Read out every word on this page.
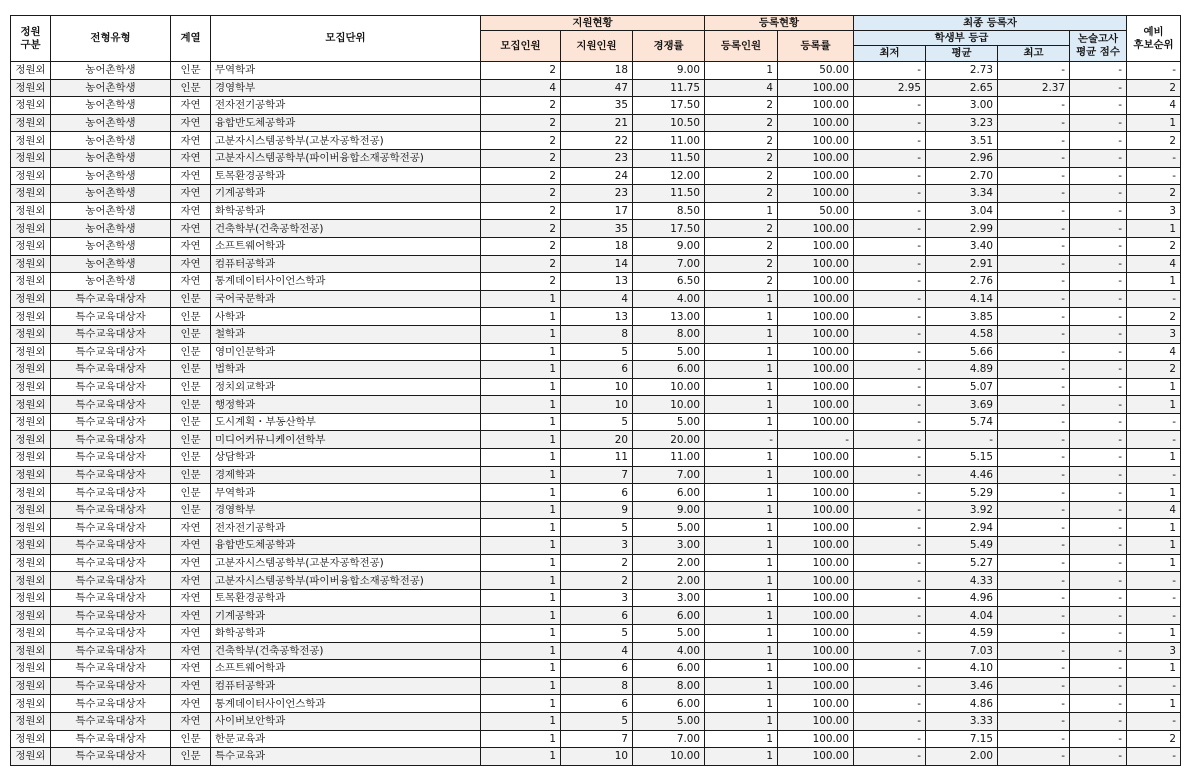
정원
구분	전형유형	계열	모집단위	지원현황			등록현황		최종 등록자				예비
후보순위
				모집인원	지원인원	경쟁률	등록인원	등록률	학생부 등급			논술고사
평균 점수	
									최저	평균	최고		
정원외	농어촌학생	인문	무역학과	2	18	9.00	1	50.00	-	2.73	-	-	-
정원외	농어촌학생	인문	경영학부	4	47	11.75	4	100.00	2.95	2.65	2.37	-	2
정원외	농어촌학생	자연	전자전기공학과	2	35	17.50	2	100.00	-	3.00	-	-	4
정원외	농어촌학생	자연	융합반도체공학과	2	21	10.50	2	100.00	-	3.23	-	-	1
정원외	농어촌학생	자연	고분자시스템공학부(고분자공학전공)	2	22	11.00	2	100.00	-	3.51	-	-	2
정원외	농어촌학생	자연	고분자시스템공학부(파이버융합소재공학전공)	2	23	11.50	2	100.00	-	2.96	-	-	-
정원외	농어촌학생	자연	토목환경공학과	2	24	12.00	2	100.00	-	2.70	-	-	-
정원외	농어촌학생	자연	기계공학과	2	23	11.50	2	100.00	-	3.34	-	-	2
정원외	농어촌학생	자연	화학공학과	2	17	8.50	1	50.00	-	3.04	-	-	3
정원외	농어촌학생	자연	건축학부(건축공학전공)	2	35	17.50	2	100.00	-	2.99	-	-	1
정원외	농어촌학생	자연	소프트웨어학과	2	18	9.00	2	100.00	-	3.40	-	-	2
정원외	농어촌학생	자연	컴퓨터공학과	2	14	7.00	2	100.00	-	2.91	-	-	4
정원외	농어촌학생	자연	통계데이터사이언스학과	2	13	6.50	2	100.00	-	2.76	-	-	1
정원외	특수교육대상자	인문	국어국문학과	1	4	4.00	1	100.00	-	4.14	-	-	-
정원외	특수교육대상자	인문	사학과	1	13	13.00	1	100.00	-	3.85	-	-	2
정원외	특수교육대상자	인문	철학과	1	8	8.00	1	100.00	-	4.58	-	-	3
정원외	특수교육대상자	인문	영미인문학과	1	5	5.00	1	100.00	-	5.66	-	-	4
정원외	특수교육대상자	인문	법학과	1	6	6.00	1	100.00	-	4.89	-	-	2
정원외	특수교육대상자	인문	정치외교학과	1	10	10.00	1	100.00	-	5.07	-	-	1
정원외	특수교육대상자	인문	행정학과	1	10	10.00	1	100.00	-	3.69	-	-	1
정원외	특수교육대상자	인문	도시계획・부동산학부	1	5	5.00	1	100.00	-	5.74	-	-	-
정원외	특수교육대상자	인문	미디어커뮤니케이션학부	1	20	20.00	-	-	-	-	-	-	-
정원외	특수교육대상자	인문	상담학과	1	11	11.00	1	100.00	-	5.15	-	-	1
정원외	특수교육대상자	인문	경제학과	1	7	7.00	1	100.00	-	4.46	-	-	-
정원외	특수교육대상자	인문	무역학과	1	6	6.00	1	100.00	-	5.29	-	-	1
정원외	특수교육대상자	인문	경영학부	1	9	9.00	1	100.00	-	3.92	-	-	4
정원외	특수교육대상자	자연	전자전기공학과	1	5	5.00	1	100.00	-	2.94	-	-	1
정원외	특수교육대상자	자연	융합반도체공학과	1	3	3.00	1	100.00	-	5.49	-	-	1
정원외	특수교육대상자	자연	고분자시스템공학부(고분자공학전공)	1	2	2.00	1	100.00	-	5.27	-	-	1
정원외	특수교육대상자	자연	고분자시스템공학부(파이버융합소재공학전공)	1	2	2.00	1	100.00	-	4.33	-	-	-
정원외	특수교육대상자	자연	토목환경공학과	1	3	3.00	1	100.00	-	4.96	-	-	-
정원외	특수교육대상자	자연	기계공학과	1	6	6.00	1	100.00	-	4.04	-	-	-
정원외	특수교육대상자	자연	화학공학과	1	5	5.00	1	100.00	-	4.59	-	-	1
정원외	특수교육대상자	자연	건축학부(건축공학전공)	1	4	4.00	1	100.00	-	7.03	-	-	3
정원외	특수교육대상자	자연	소프트웨어학과	1	6	6.00	1	100.00	-	4.10	-	-	1
정원외	특수교육대상자	자연	컴퓨터공학과	1	8	8.00	1	100.00	-	3.46	-	-	-
정원외	특수교육대상자	자연	통계데이터사이언스학과	1	6	6.00	1	100.00	-	4.86	-	-	1
정원외	특수교육대상자	자연	사이버보안학과	1	5	5.00	1	100.00	-	3.33	-	-	-
정원외	특수교육대상자	인문	한문교육과	1	7	7.00	1	100.00	-	7.15	-	-	2
정원외	특수교육대상자	인문	특수교육과	1	10	10.00	1	100.00	-	2.00	-	-	-
